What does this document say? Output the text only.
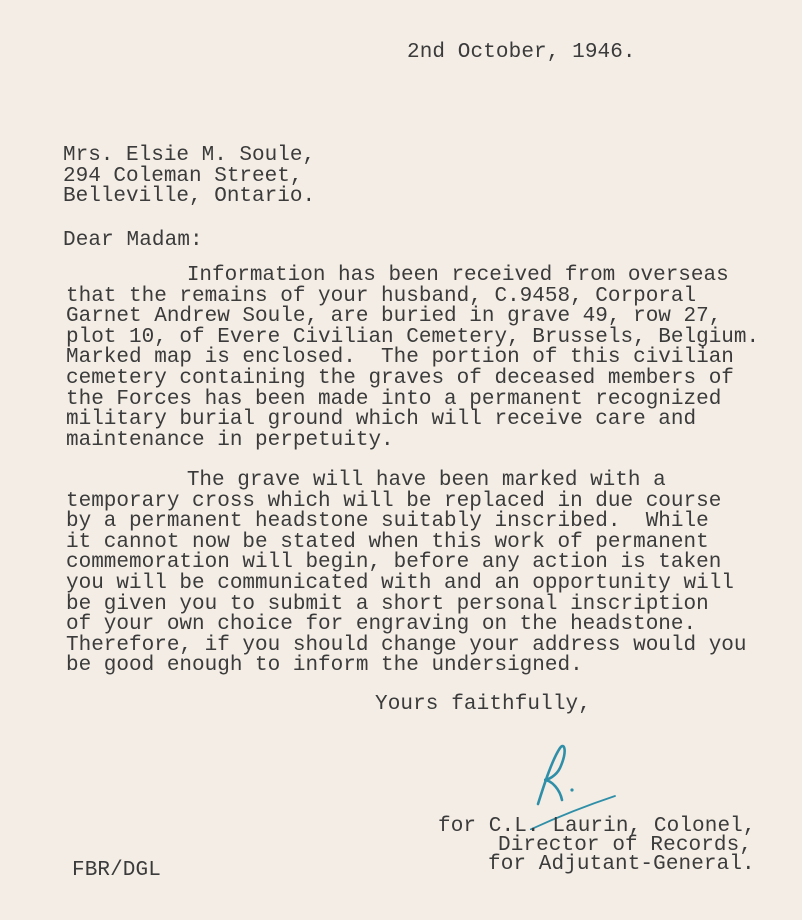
2nd October, 1946.
Mrs. Elsie M. Soule,
294 Coleman Street,
Belleville, Ontario.
Dear Madam:
Information has been received from overseas
that the remains of your husband, C.9458, Corporal
Garnet Andrew Soule, are buried in grave 49, row 27,
plot 10, of Evere Civilian Cemetery, Brussels, Belgium.
Marked map is enclosed.  The portion of this civilian
cemetery containing the graves of deceased members of
the Forces has been made into a permanent recognized
military burial ground which will receive care and
maintenance in perpetuity.
The grave will have been marked with a
temporary cross which will be replaced in due course
by a permanent headstone suitably inscribed.  While
it cannot now be stated when this work of permanent
commemoration will begin, before any action is taken
you will be communicated with and an opportunity will
be given you to submit a short personal inscription
of your own choice for engraving on the headstone.
Therefore, if you should change your address would you
be good enough to inform the undersigned.
Yours faithfully,
for C.L. Laurin, Colonel,
Director of Records,
for Adjutant-General.
FBR/DGL
